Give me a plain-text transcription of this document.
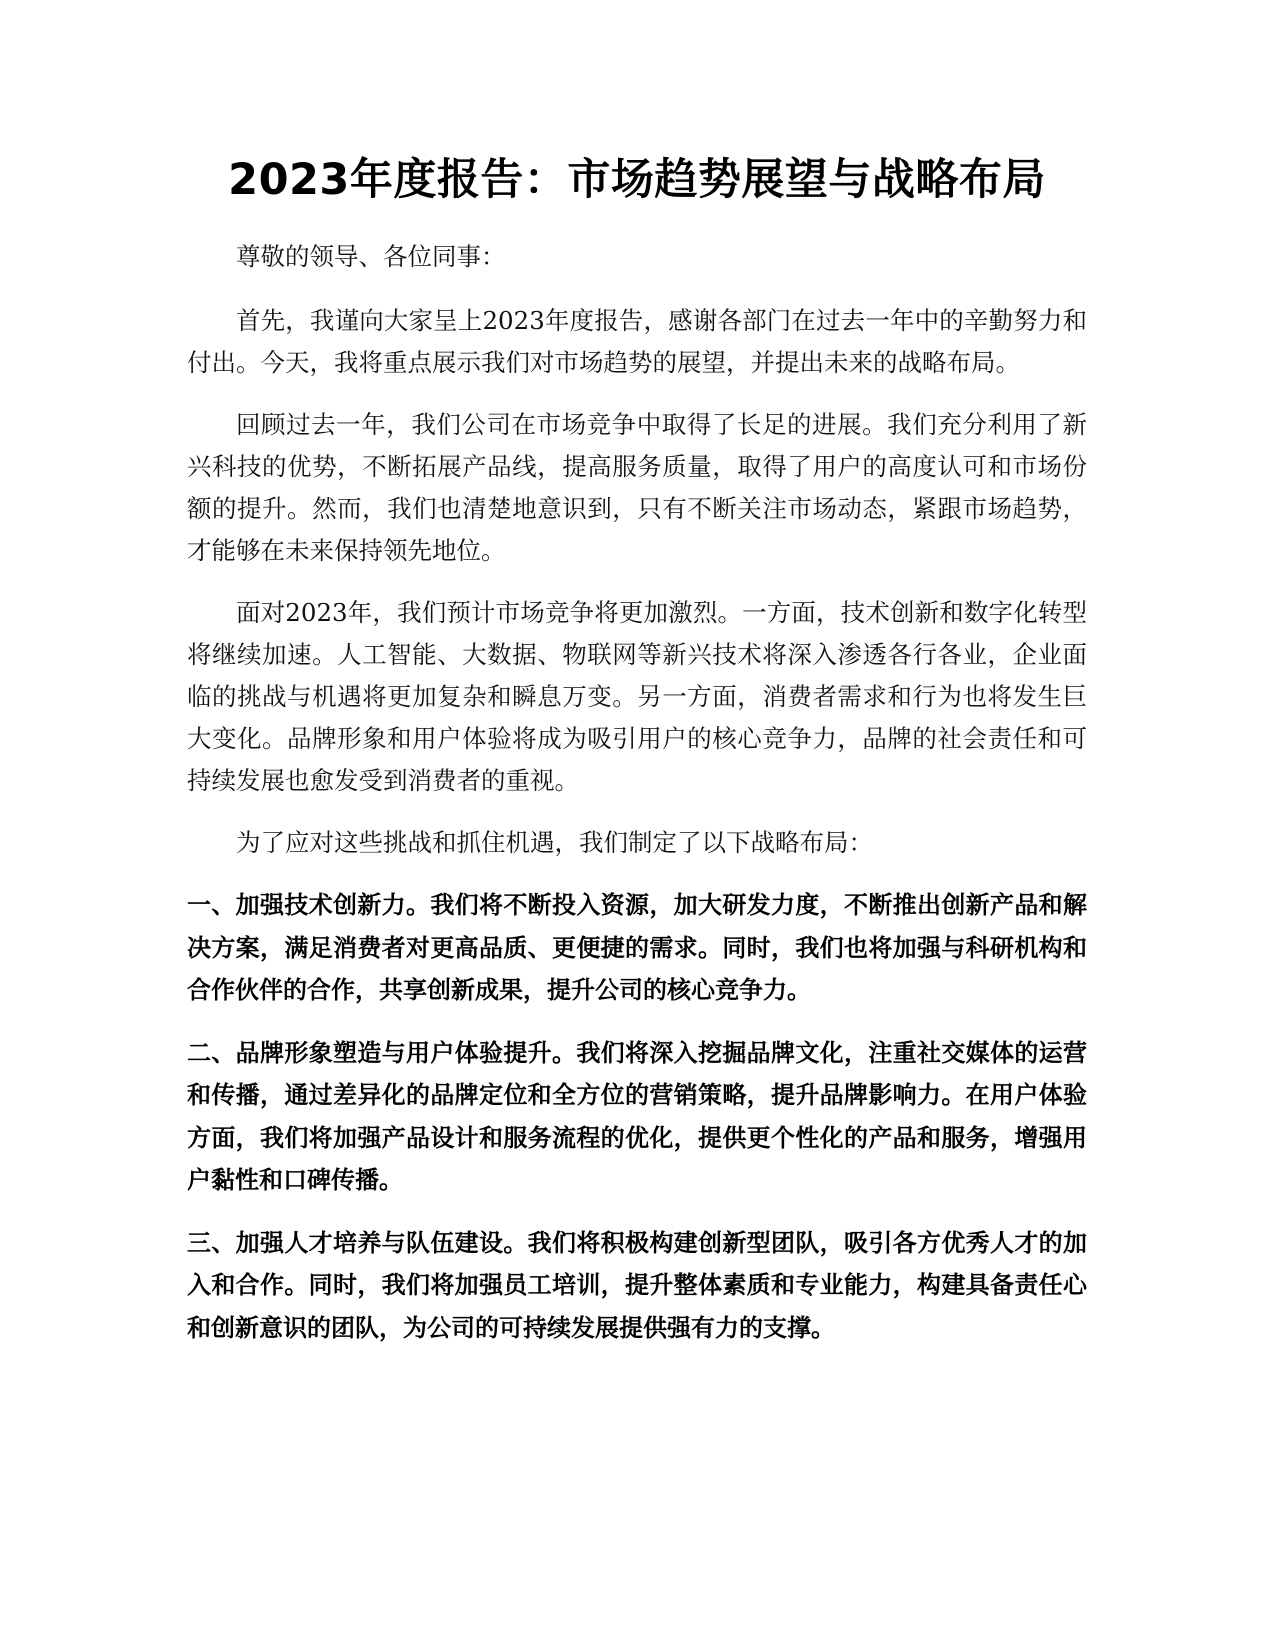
2023年度报告：市场趋势展望与战略布局

尊敬的领导、各位同事：

首先，我谨向大家呈上2023年度报告，感谢各部门在过去一年中的辛勤努力和付出。今天，我将重点展示我们对市场趋势的展望，并提出未来的战略布局。

回顾过去一年，我们公司在市场竞争中取得了长足的进展。我们充分利用了新兴科技的优势，不断拓展产品线，提高服务质量，取得了用户的高度认可和市场份额的提升。然而，我们也清楚地意识到，只有不断关注市场动态，紧跟市场趋势，才能够在未来保持领先地位。

面对2023年，我们预计市场竞争将更加激烈。一方面，技术创新和数字化转型将继续加速。人工智能、大数据、物联网等新兴技术将深入渗透各行各业，企业面临的挑战与机遇将更加复杂和瞬息万变。另一方面，消费者需求和行为也将发生巨大变化。品牌形象和用户体验将成为吸引用户的核心竞争力，品牌的社会责任和可持续发展也愈发受到消费者的重视。

为了应对这些挑战和抓住机遇，我们制定了以下战略布局：

一、加强技术创新力。我们将不断投入资源，加大研发力度，不断推出创新产品和解决方案，满足消费者对更高品质、更便捷的需求。同时，我们也将加强与科研机构和合作伙伴的合作，共享创新成果，提升公司的核心竞争力。

二、品牌形象塑造与用户体验提升。我们将深入挖掘品牌文化，注重社交媒体的运营和传播，通过差异化的品牌定位和全方位的营销策略，提升品牌影响力。在用户体验方面，我们将加强产品设计和服务流程的优化，提供更个性化的产品和服务，增强用户黏性和口碑传播。

三、加强人才培养与队伍建设。我们将积极构建创新型团队，吸引各方优秀人才的加入和合作。同时，我们将加强员工培训，提升整体素质和专业能力，构建具备责任心和创新意识的团队，为公司的可持续发展提供强有力的支撑。
